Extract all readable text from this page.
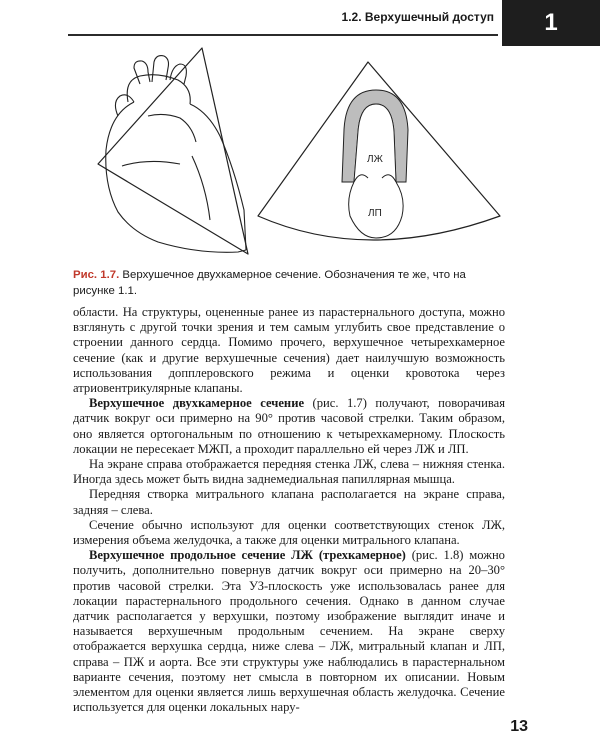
1.2. Верхушечный доступ	1
ЛЖ
ЛП
Рис. 1.7. Верхушечное двухкамерное сечение. Обозначения те же, что на рисунке 1.1.

области. На структуры, оцененные ранее из парастернального доступа, можно взглянуть с другой точки зрения и тем самым углубить свое представление о строении данного сердца. Помимо прочего, верхушечное четырехкамерное сечение (как и другие верхушечные сечения) дает наилучшую возможность использования допплеровского режима и оценки кровотока через атриовентрикулярные клапаны.

Верхушечное двухкамерное сечение (рис. 1.7) получают, поворачивая датчик вокруг оси примерно на 90° против часовой стрелки. Таким образом, оно является ортогональным по отношению к четырехкамерному. Плоскость локации не пересекает МЖП, а проходит параллельно ей через ЛЖ и ЛП.

На экране справа отображается передняя стенка ЛЖ, слева – нижняя стенка. Иногда здесь может быть видна заднемедиальная папиллярная мышца.

Передняя створка митрального клапана располагается на экране справа, задняя – слева.

Сечение обычно используют для оценки соответствующих стенок ЛЖ, измерения объема желудочка, а также для оценки митрального клапана.

Верхушечное продольное сечение ЛЖ (трехкамерное) (рис. 1.8) можно получить, дополнительно повернув датчик вокруг оси примерно на 20–30° против часовой стрелки. Эта УЗ-плоскость уже использовалась ранее для локации парастернального продольного сечения. Однако в данном случае датчик располагается у верхушки, поэтому изображение выглядит иначе и называется верхушечным продольным сечением. На экране сверху отображается верхушка сердца, ниже слева – ЛЖ, митральный клапан и ЛП, справа – ПЖ и аорта. Все эти структуры уже наблюдались в парастернальном варианте сечения, поэтому нет смысла в повторном их описании. Новым элементом для оценки является лишь верхушечная область желудочка. Сечение используется для оценки локальных нару-

13
